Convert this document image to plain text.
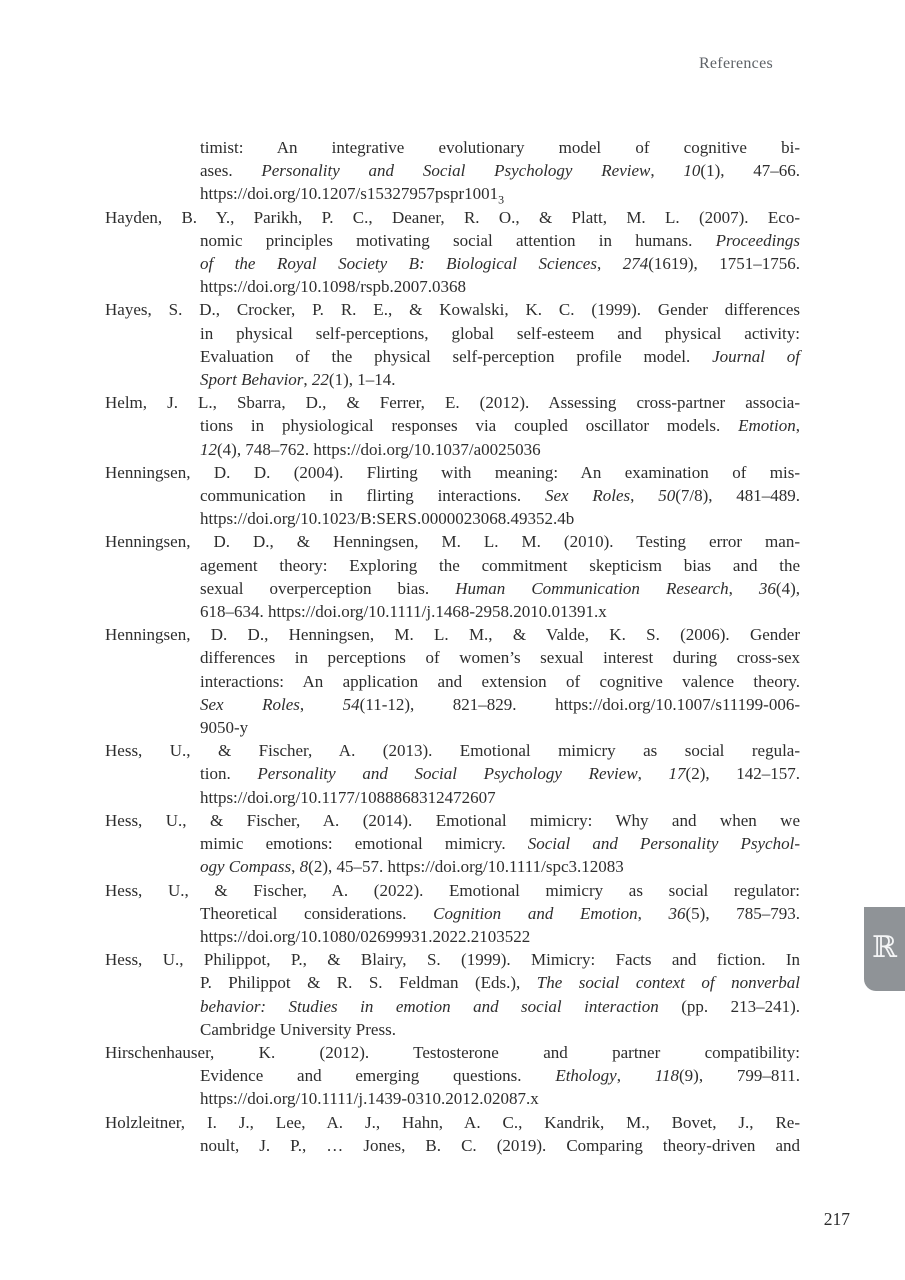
References
timist: An integrative evolutionary model of cognitive bi-
ases. Personality and Social Psychology Review, 10(1), 47–66.
$https://doi.org/10.1207/s15327957pspr1001_3$
Hayden, B. Y., Parikh, P. C., Deaner, R. O., & Platt, M. L. (2007). Eco-
nomic principles motivating social attention in humans. Proceedings
of the Royal Society B: Biological Sciences, 274(1619), 1751–1756.
https://doi.org/10.1098/rspb.2007.0368
Hayes, S. D., Crocker, P. R. E., & Kowalski, K. C. (1999). Gender differences
in physical self-perceptions, global self-esteem and physical activity:
Evaluation of the physical self-perception profile model. Journal of
Sport Behavior, 22(1), 1–14.
Helm, J. L., Sbarra, D., & Ferrer, E. (2012). Assessing cross-partner associa-
tions in physiological responses via coupled oscillator models. Emotion,
12(4), 748–762. https://doi.org/10.1037/a0025036
Henningsen, D. D. (2004). Flirting with meaning: An examination of mis-
communication in flirting interactions. Sex Roles, 50(7/8), 481–489.
https://doi.org/10.1023/B:SERS.0000023068.49352.4b
Henningsen, D. D., & Henningsen, M. L. M. (2010). Testing error man-
agement theory: Exploring the commitment skepticism bias and the
sexual overperception bias. Human Communication Research, 36(4),
618–634. https://doi.org/10.1111/j.1468-2958.2010.01391.x
Henningsen, D. D., Henningsen, M. L. M., & Valde, K. S. (2006). Gender
differences in perceptions of women’s sexual interest during cross-sex
interactions: An application and extension of cognitive valence theory.
Sex Roles, 54(11-12), 821–829. https://doi.org/10.1007/s11199-006-
9050-y
Hess, U., & Fischer, A. (2013). Emotional mimicry as social regula-
tion. Personality and Social Psychology Review, 17(2), 142–157.
https://doi.org/10.1177/1088868312472607
Hess, U., & Fischer, A. (2014). Emotional mimicry: Why and when we
mimic emotions: emotional mimicry. Social and Personality Psychol-
ogy Compass, 8(2), 45–57. https://doi.org/10.1111/spc3.12083
Hess, U., & Fischer, A. (2022). Emotional mimicry as social regulator:
Theoretical considerations. Cognition and Emotion, 36(5), 785–793.
https://doi.org/10.1080/02699931.2022.2103522
Hess, U., Philippot, P., & Blairy, S. (1999). Mimicry: Facts and fiction. In
P. Philippot & R. S. Feldman (Eds.), The social context of nonverbal
behavior: Studies in emotion and social interaction (pp. 213–241).
Cambridge University Press.
Hirschenhauser, K. (2012). Testosterone and partner compatibility:
Evidence and emerging questions. Ethology, 118(9), 799–811.
https://doi.org/10.1111/j.1439-0310.2012.02087.x
Holzleitner, I. J., Lee, A. J., Hahn, A. C., Kandrik, M., Bovet, J., Re-
noult, J. P., … Jones, B. C. (2019). Comparing theory-driven and
ℝ
217
